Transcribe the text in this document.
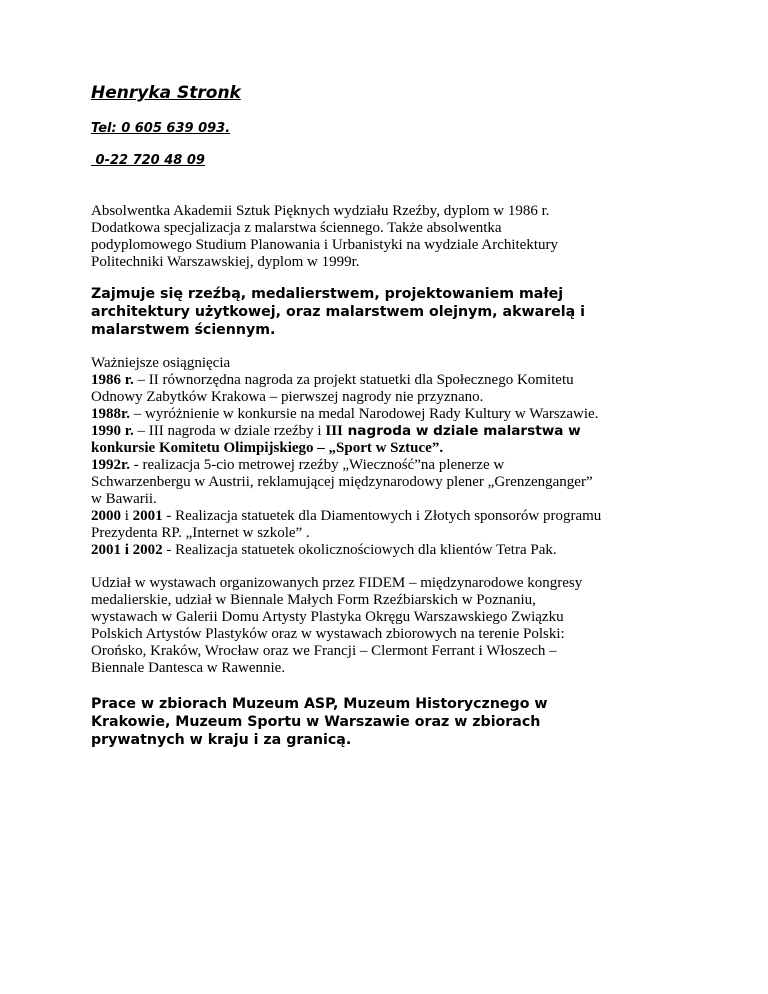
Henryka Stronk
Tel: 0 605 639 093.
0-22 720 48 09

Absolwentka Akademii Sztuk Pięknych wydziału Rzeźby, dyplom w 1986 r.
Dodatkowa specjalizacja z malarstwa ściennego. Także absolwentka
podyplomowego Studium Planowania i Urbanistyki na wydziale Architektury
Politechniki Warszawskiej, dyplom w 1999r.

Zajmuje się rzeźbą, medalierstwem, projektowaniem małej
architektury użytkowej, oraz malarstwem olejnym, akwarelą i
malarstwem ściennym.

Ważniejsze osiągnięcia
1986 r. – II równorzędna nagroda za projekt statuetki dla Społecznego Komitetu
Odnowy Zabytków Krakowa – pierwszej nagrody nie przyznano.
1988r. – wyróżnienie w konkursie na medal Narodowej Rady Kultury w Warszawie.
1990 r. – III nagroda w dziale rzeźby i III nagroda w dziale malarstwa w
konkursie Komitetu Olimpijskiego – „Sport w Sztuce”.
1992r. - realizacja 5-cio metrowej rzeźby „Wieczność”na plenerze w
Schwarzenbergu w Austrii, reklamującej międzynarodowy plener „Grenzenganger”
w Bawarii.
2000 i 2001 - Realizacja statuetek dla Diamentowych i Złotych sponsorów programu
Prezydenta RP. „Internet w szkole” .
2001 i 2002 - Realizacja statuetek okolicznościowych dla klientów Tetra Pak.

Udział w wystawach organizowanych przez FIDEM – międzynarodowe kongresy
medalierskie, udział w Biennale Małych Form Rzeźbiarskich w Poznaniu,
wystawach w Galerii Domu Artysty Plastyka Okręgu Warszawskiego Związku
Polskich Artystów Plastyków oraz w wystawach zbiorowych na terenie Polski:
Orońsko, Kraków, Wrocław oraz we Francji – Clermont Ferrant i Włoszech –
Biennale Dantesca w Rawennie.

Prace w zbiorach Muzeum ASP, Muzeum Historycznego w
Krakowie, Muzeum Sportu w Warszawie oraz w zbiorach
prywatnych w kraju i za granicą.
